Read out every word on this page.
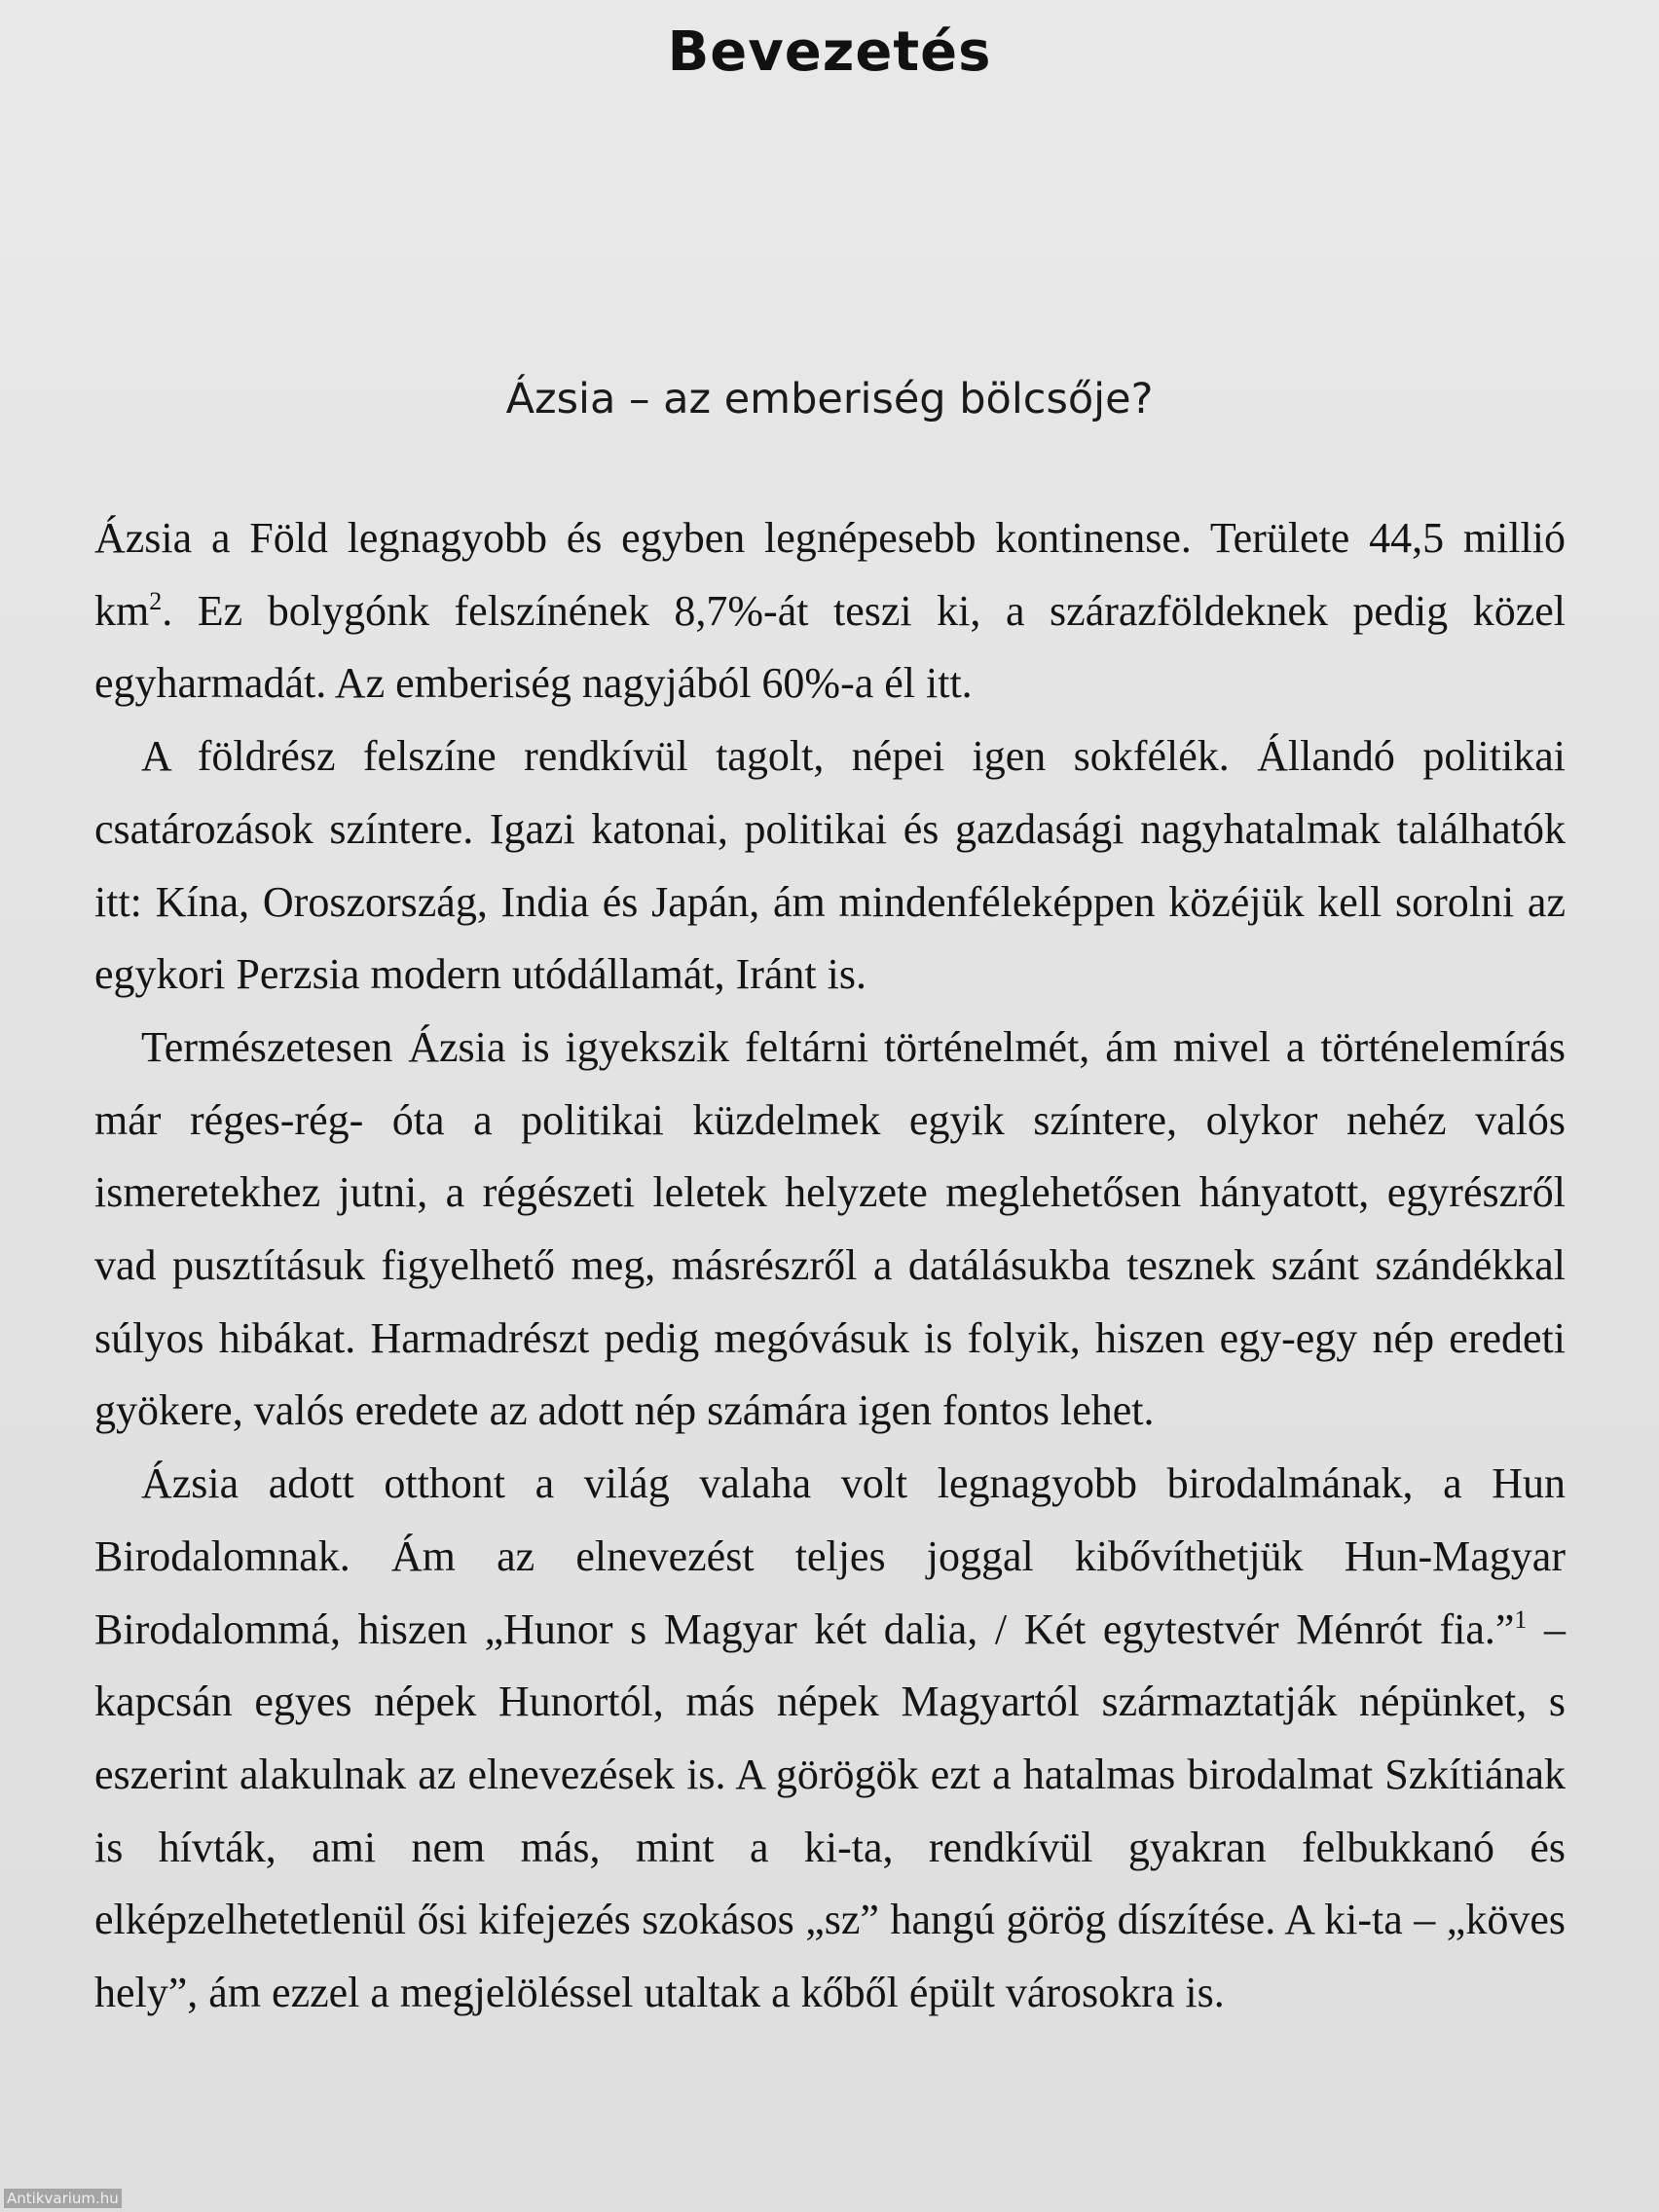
Bevezetés
Ázsia – az emberiség bölcsője?

Ázsia a Föld legnagyobb és egyben legnépesebb kontinense. Területe 44,5 millió $km^2$. Ez bolygónk felszínének 8,7%-át teszi ki, a szárazföldeknek pedig közel egyharmadát. Az emberiség nagyjából 60%-a él itt.

A földrész felszíne rendkívül tagolt, népei igen sokfélék. Állandó politikai csatározások színtere. Igazi katonai, politikai és gazdasági nagyhatalmak találhatók itt: Kína, Oroszország, India és Japán, ám mindenféleképpen közéjük kell sorolni az egykori Perzsia modern utódállamát, Iránt is.

Természetesen Ázsia is igyekszik feltárni történelmét, ám mivel a történelemírás már réges-rég- óta a politikai küzdelmek egyik színtere, olykor nehéz valós ismeretekhez jutni, a régészeti leletek helyzete meglehetősen hányatott, egyrészről vad pusztításuk figyelhető meg, másrészről a datálásukba tesznek szánt szándékkal súlyos hibákat. Harmadrészt pedig megóvásuk is folyik, hiszen egy-egy nép eredeti gyökere, valós eredete az adott nép számára igen fontos lehet.

Ázsia adott otthont a világ valaha volt legnagyobb birodalmának, a Hun Birodalomnak. Ám az elnevezést teljes joggal kibővíthetjük Hun-Magyar Birodalommá, hiszen „Hunor s Magyar két dalia, / Két egytestvér Ménrót fia.”$^1$ – kapcsán egyes népek Hunortól, más népek Magyartól származtatják népünket, s eszerint alakulnak az elnevezések is. A görögök ezt a hatalmas birodalmat Szkítiának is hívták, ami nem más, mint a ki-ta, rendkívül gyakran felbukkanó és elképzelhetetlenül ősi kifejezés szokásos „sz” hangú görög díszítése. A ki-ta – „köves hely”, ám ezzel a megjelöléssel utaltak a kőből épült városokra is.

Antikvarium.hu
